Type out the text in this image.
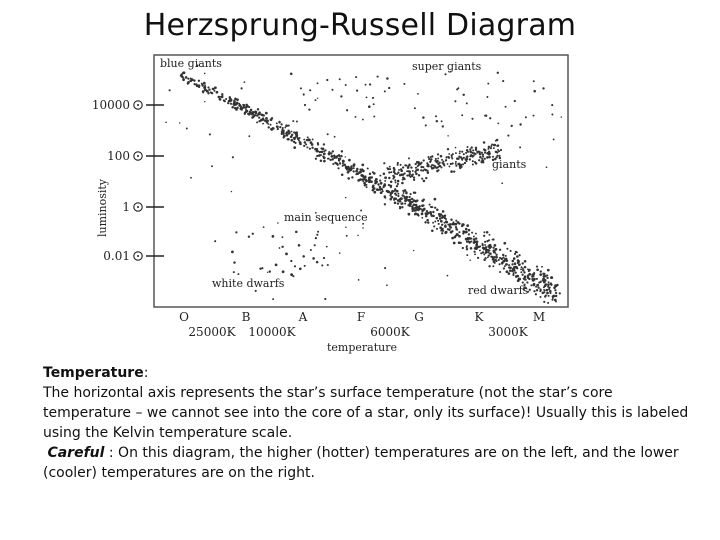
Herzsprung-Russell Diagram
10000
100
1
0.01
luminosity
blue giants	super giants
giants
main sequence
white dwarfs
red dwarfs
O	B	A	F	G	K	M
25000K 10000K	6000K	3000K
temperature

Temperature:

The horizontal axis represents the star’s surface temperature (not the star’s core temperature – we cannot see into the core of a star, only its surface)! Usually this is labeled using the Kelvin temperature scale.

Careful : On this diagram, the higher (hotter) temperatures are on the left, and the lower (cooler) temperatures are on the right.
